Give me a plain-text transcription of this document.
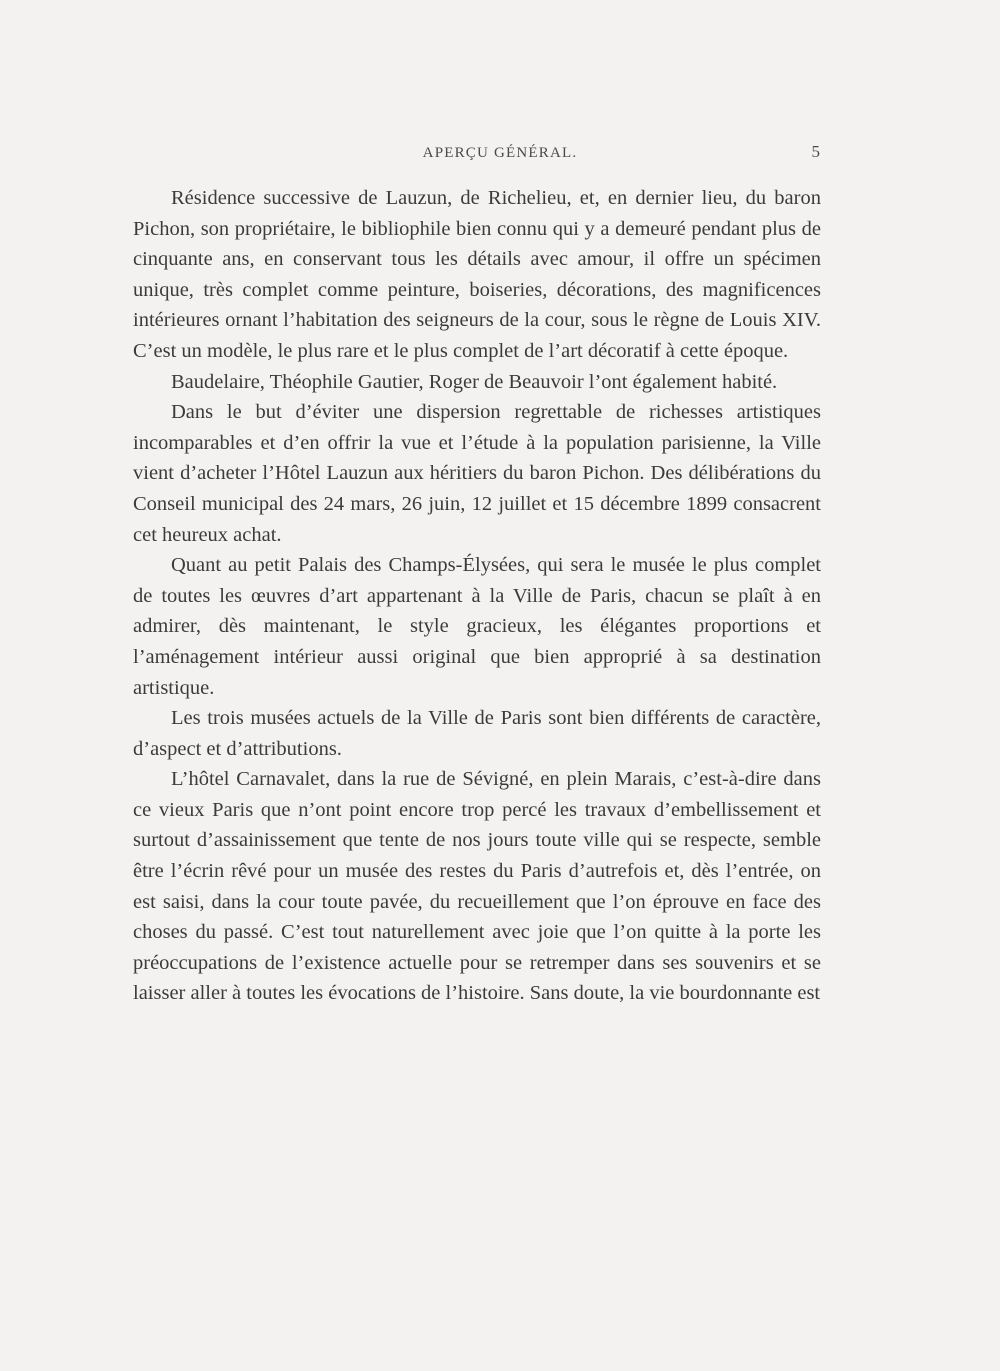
APERÇU GÉNÉRAL.	5

Résidence successive de Lauzun, de Richelieu, et, en dernier lieu, du baron Pichon, son propriétaire, le bibliophile bien connu qui y a demeuré pendant plus de cinquante ans, en conservant tous les détails avec amour, il offre un spécimen unique, très complet comme peinture, boiseries, décorations, des magnificences intérieures ornant l’habitation des seigneurs de la cour, sous le règne de Louis XIV. C’est un modèle, le plus rare et le plus complet de l’art décoratif à cette époque.

Baudelaire, Théophile Gautier, Roger de Beauvoir l’ont également habité.

Dans le but d’éviter une dispersion regrettable de richesses artistiques incomparables et d’en offrir la vue et l’étude à la population parisienne, la Ville vient d’acheter l’Hôtel Lauzun aux héritiers du baron Pichon. Des délibérations du Conseil municipal des 24 mars, 26 juin, 12 juillet et 15 décembre 1899 consacrent cet heureux achat.

Quant au petit Palais des Champs-Élysées, qui sera le musée le plus complet de toutes les œuvres d’art appartenant à la Ville de Paris, chacun se plaît à en admirer, dès maintenant, le style gracieux, les élégantes proportions et l’aménagement intérieur aussi original que bien approprié à sa destination artistique.

Les trois musées actuels de la Ville de Paris sont bien différents de caractère, d’aspect et d’attributions.

L’hôtel Carnavalet, dans la rue de Sévigné, en plein Marais, c’est-à-dire dans ce vieux Paris que n’ont point encore trop percé les travaux d’embellissement et surtout d’assainissement que tente de nos jours toute ville qui se respecte, semble être l’écrin rêvé pour un musée des restes du Paris d’autrefois et, dès l’entrée, on est saisi, dans la cour toute pavée, du recueillement que l’on éprouve en face des choses du passé. C’est tout naturellement avec joie que l’on quitte à la porte les préoccupations de l’existence actuelle pour se retremper dans ses souvenirs et se laisser aller à toutes les évocations de l’histoire. Sans doute, la vie bourdonnante est
